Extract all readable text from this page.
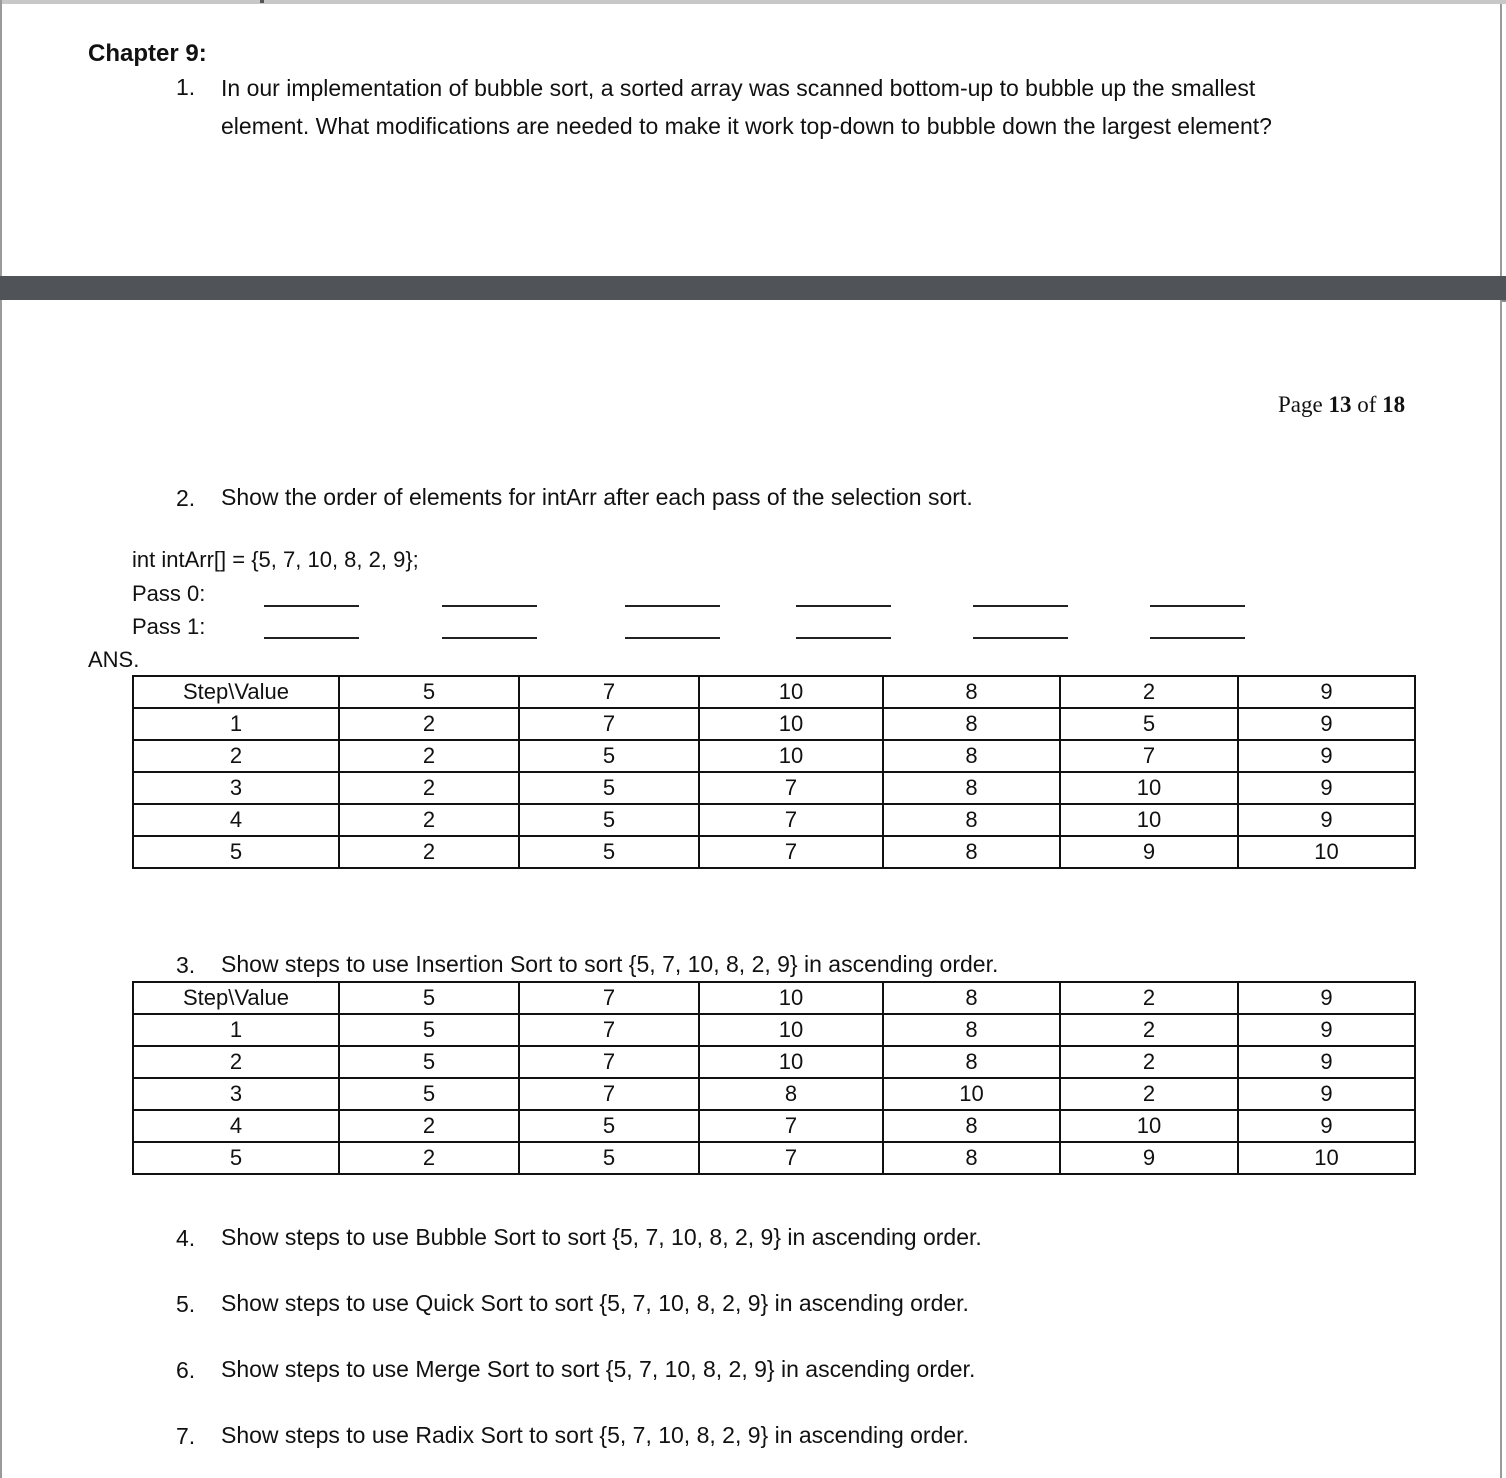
Chapter 9:
1. In our implementation of bubble sort, a sorted array was scanned bottom-up to bubble up the smallest
element. What modifications are needed to make it work top-down to bubble down the largest element?
Page 13 of 18
2. Show the order of elements for intArr after each pass of the selection sort.
int intArr[] = {5, 7, 10, 8, 2, 9};
Pass 0:
Pass 1:
ANS.
Step\Value	5	7	10	8	2	9
1	2	7	10	8	5	9
2	2	5	10	8	7	9
3	2	5	7	8	10	9
4	2	5	7	8	10	9
5	2	5	7	8	9	10
3. Show steps to use Insertion Sort to sort {5, 7, 10, 8, 2, 9} in ascending order.
Step\Value	5	7	10	8	2	9
1	5	7	10	8	2	9
2	5	7	10	8	2	9
3	5	7	8	10	2	9
4	2	5	7	8	10	9
5	2	5	7	8	9	10
4. Show steps to use Bubble Sort to sort {5, 7, 10, 8, 2, 9} in ascending order.
5. Show steps to use Quick Sort to sort {5, 7, 10, 8, 2, 9} in ascending order.
6. Show steps to use Merge Sort to sort {5, 7, 10, 8, 2, 9} in ascending order.
7. Show steps to use Radix Sort to sort {5, 7, 10, 8, 2, 9} in ascending order.
